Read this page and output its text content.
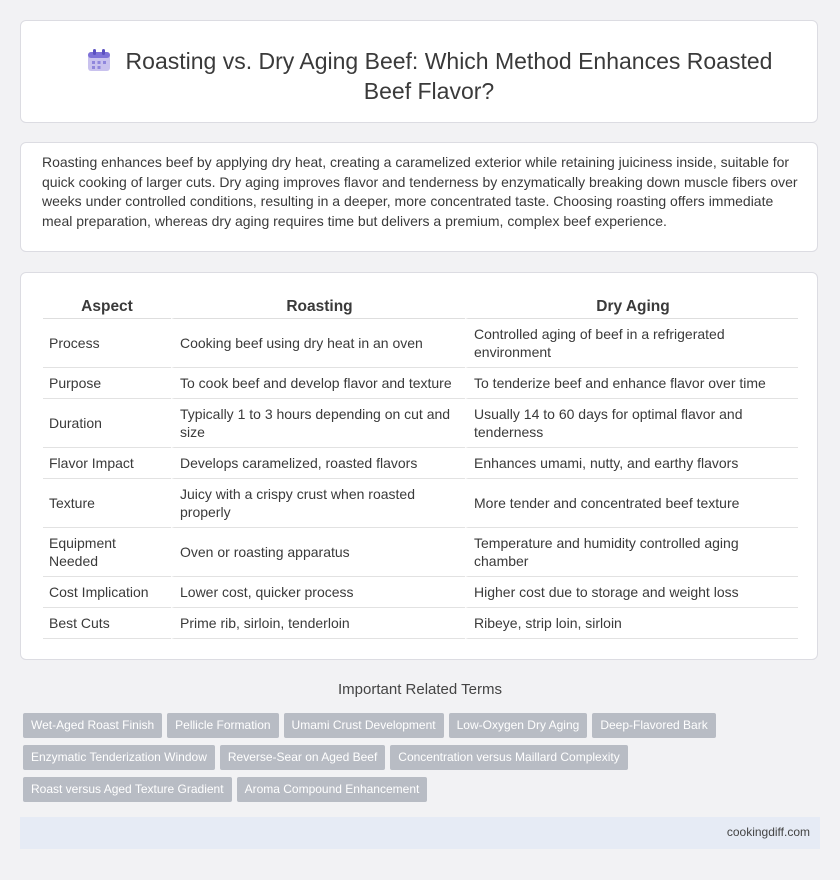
Roasting vs. Dry Aging Beef: Which Method Enhances Roasted Beef Flavor?
Roasting enhances beef by applying dry heat, creating a caramelized exterior while retaining juiciness inside, suitable for quick cooking of larger cuts. Dry aging improves flavor and tenderness by enzymatically breaking down muscle fibers over weeks under controlled conditions, resulting in a deeper, more concentrated taste. Choosing roasting offers immediate meal preparation, whereas dry aging requires time but delivers a premium, complex beef experience.
Aspect	Roasting	Dry Aging
Process	Cooking beef using dry heat in an oven	Controlled aging of beef in a refrigerated environment
Purpose	To cook beef and develop flavor and texture	To tenderize beef and enhance flavor over time
Duration	Typically 1 to 3 hours depending on cut and size	Usually 14 to 60 days for optimal flavor and tenderness
Flavor Impact	Develops caramelized, roasted flavors	Enhances umami, nutty, and earthy flavors
Texture	Juicy with a crispy crust when roasted properly	More tender and concentrated beef texture
Equipment Needed	Oven or roasting apparatus	Temperature and humidity controlled aging chamber
Cost Implication	Lower cost, quicker process	Higher cost due to storage and weight loss
Best Cuts	Prime rib, sirloin, tenderloin	Ribeye, strip loin, sirloin
Important Related Terms
Wet-Aged Roast Finish Pellicle Formation Umami Crust Development Low-Oxygen Dry Aging Deep-Flavored Bark
Enzymatic Tenderization Window Reverse-Sear on Aged Beef Concentration versus Maillard Complexity
Roast versus Aged Texture Gradient Aroma Compound Enhancement
cookingdiff.com
